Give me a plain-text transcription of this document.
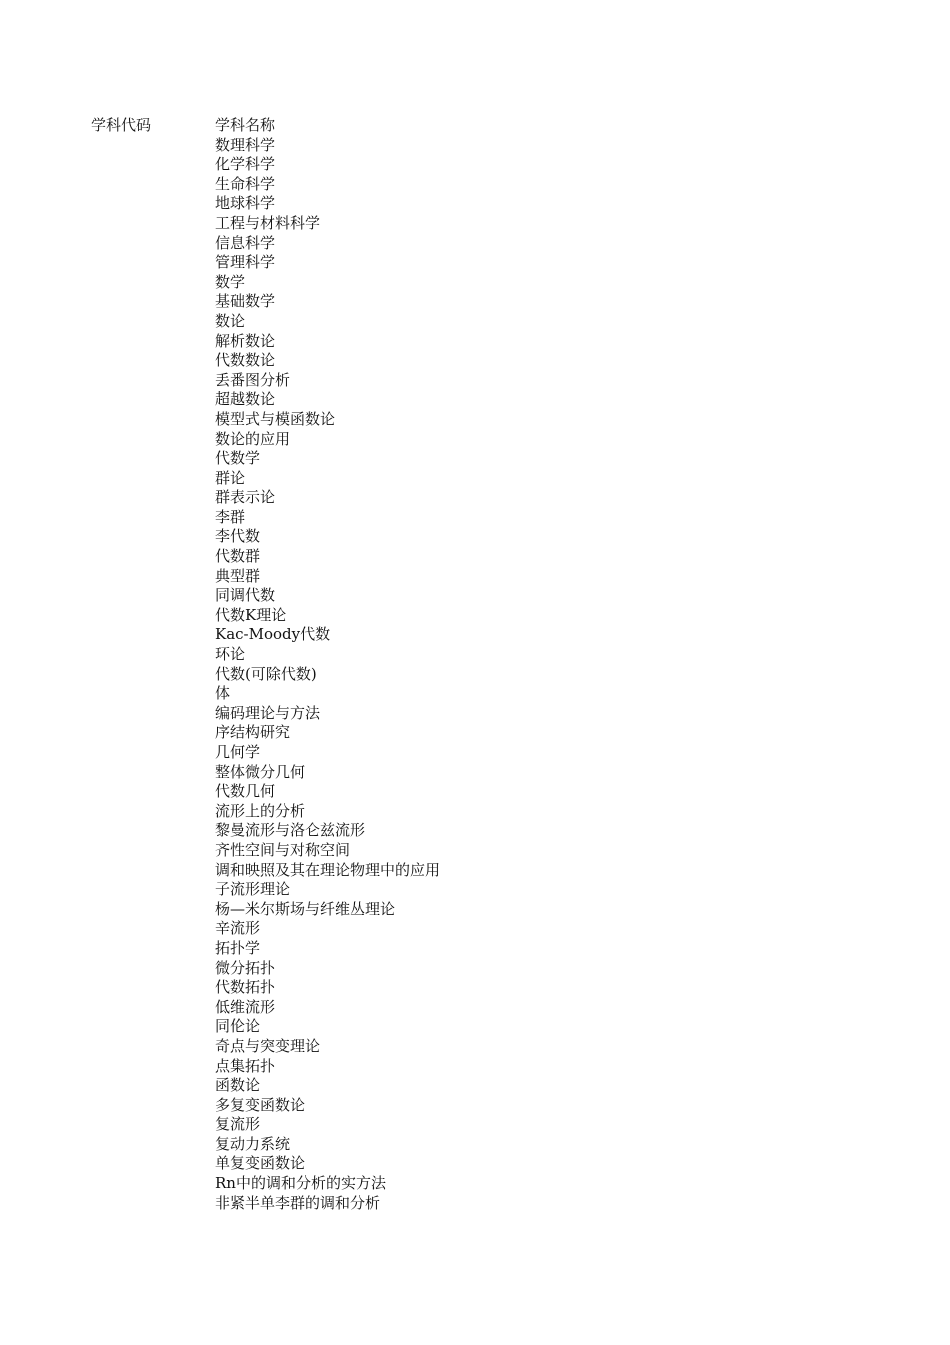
学科代码	学科名称
数理科学
化学科学
生命科学
地球科学
工程与材料科学
信息科学
管理科学
数学
基础数学
数论
解析数论
代数数论
丢番图分析
超越数论
模型式与模函数论
数论的应用
代数学
群论
群表示论
李群
李代数
代数群
典型群
同调代数
代数K理论
Kac-Moody代数
环论
代数(可除代数)
体
编码理论与方法
序结构研究
几何学
整体微分几何
代数几何
流形上的分析
黎曼流形与洛仑兹流形
齐性空间与对称空间
调和映照及其在理论物理中的应用
子流形理论
杨—米尔斯场与纤维丛理论
辛流形
拓扑学
微分拓扑
代数拓扑
低维流形
同伦论
奇点与突变理论
点集拓扑
函数论
多复变函数论
复流形
复动力系统
单复变函数论
Rn中的调和分析的实方法
非紧半单李群的调和分析
